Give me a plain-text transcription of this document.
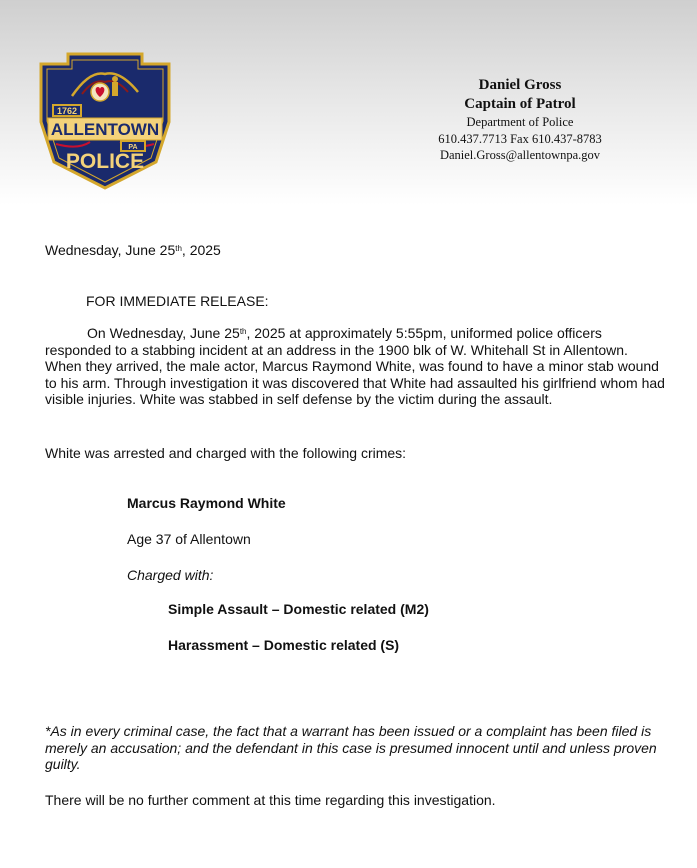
1762
ALLENTOWN
PA
POLICE
Daniel Gross
Captain of Patrol
Department of Police
610.437.7713 Fax 610.437-8783
Daniel.Gross@allentownpa.gov

Wednesday, June 25th, 2025

FOR IMMEDIATE RELEASE:

On Wednesday, June 25th, 2025 at approximately 5:55pm, uniformed police officers responded to a stabbing incident at an address in the 1900 blk of W. Whitehall St in Allentown. When they arrived, the male actor, Marcus Raymond White, was found to have a minor stab wound to his arm. Through investigation it was discovered that White had assaulted his girlfriend whom had visible injuries. White was stabbed in self defense by the victim during the assault.

White was arrested and charged with the following crimes:

Marcus Raymond White

Age 37 of Allentown

Charged with:

Simple Assault – Domestic related (M2)

Harassment – Domestic related (S)

*As in every criminal case, the fact that a warrant has been issued or a complaint has been filed is merely an accusation; and the defendant in this case is presumed innocent until and unless proven guilty.

There will be no further comment at this time regarding this investigation.
